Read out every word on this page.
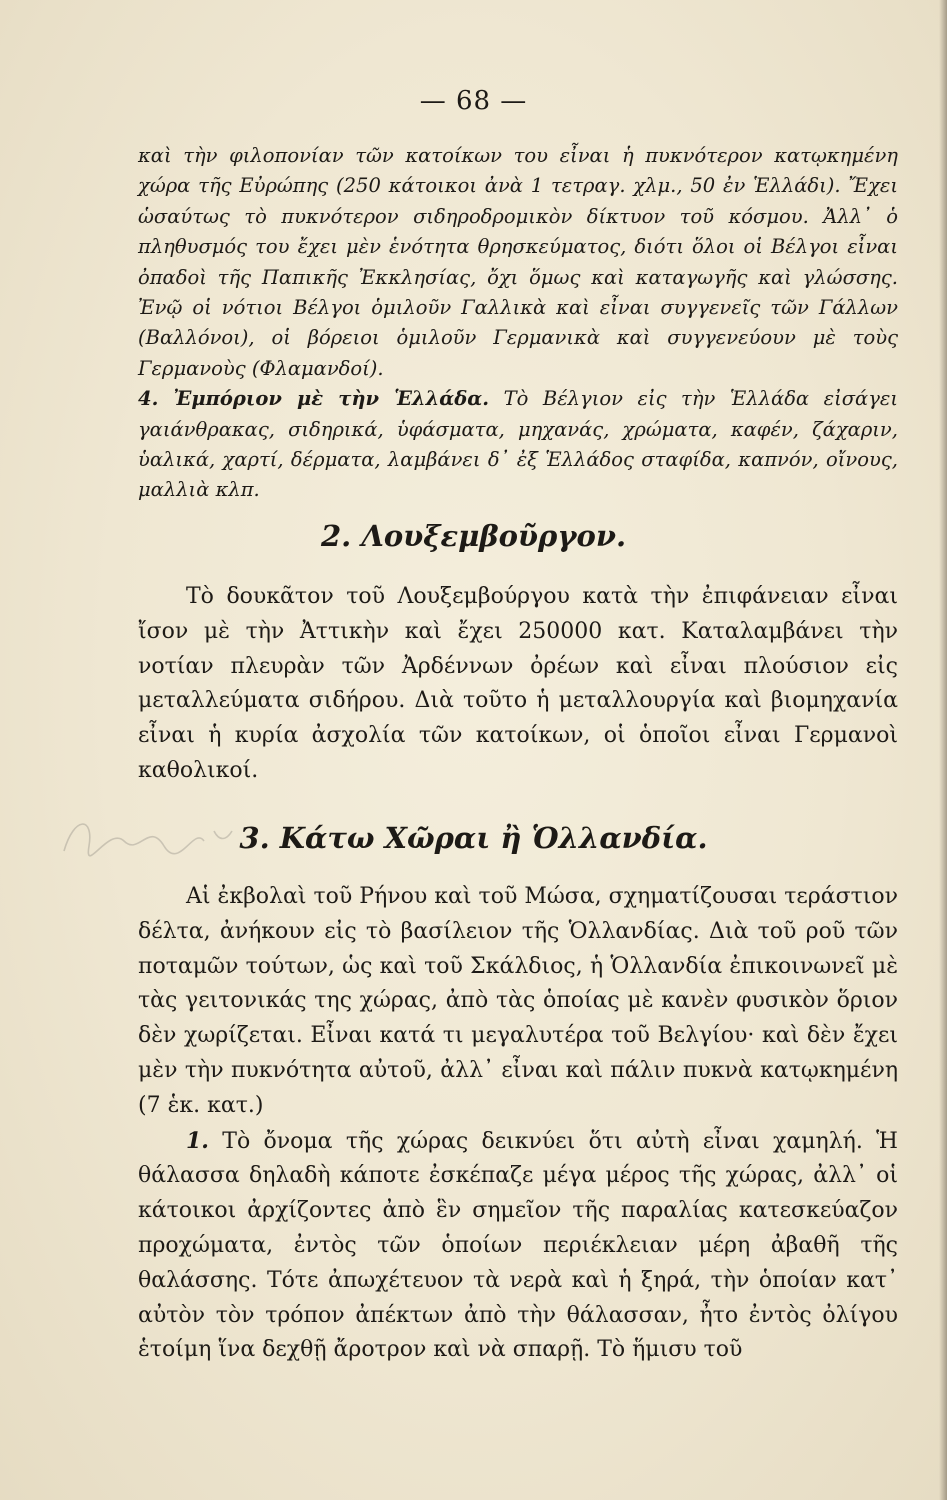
— 68 —

καὶ τὴν φιλοπονίαν τῶν κατοίκων του εἶναι ἡ πυκνότερον κατῳκημένη χώρα τῆς Εὐρώπης (250 κάτοικοι ἀνὰ 1 τετραγ. χλμ., 50 ἐν Ἑλλάδι). Ἔχει ὡσαύτως τὸ πυκνότερον σιδηροδρομικὸν δίκτυον τοῦ κόσμου. Ἀλλ᾿ ὁ πληθυσμός του ἔχει μὲν ἑνότητα θρησκεύματος, διότι ὅλοι οἱ Βέλγοι εἶναι ὀπαδοὶ τῆς Παπικῆς Ἐκκλησίας, ὄχι ὅμως καὶ καταγωγῆς καὶ γλώσσης. Ἐνῷ οἱ νότιοι Βέλγοι ὁμιλοῦν Γαλλικὰ καὶ εἶναι συγγενεῖς τῶν Γάλλων (Βαλλόνοι), οἱ βόρειοι ὁμιλοῦν Γερμανικὰ καὶ συγγενεύουν μὲ τοὺς Γερμανοὺς (Φλαμανδοί).

4. Ἐμπόριον μὲ τὴν Ἑλλάδα. Τὸ Βέλγιον εἰς τὴν Ἑλλάδα εἰσάγει γαιάνθρακας, σιδηρικά, ὑφάσματα, μηχανάς, χρώματα, καφέν, ζάχαριν, ὑαλικά, χαρτί, δέρματα, λαμβάνει δ᾿ ἐξ Ἑλλάδος σταφίδα, καπνόν, οἴνους, μαλλιὰ κλπ.

2. Λουξεμβοῦργον.

Τὸ δουκᾶτον τοῦ Λουξεμβούργου κατὰ τὴν ἐπιφάνειαν εἶναι ἴσον μὲ τὴν Ἀττικὴν καὶ ἔχει 250000 κατ. Καταλαμβάνει τὴν νοτίαν πλευρὰν τῶν Ἀρδέννων ὀρέων καὶ εἶναι πλούσιον εἰς μεταλλεύματα σιδήρου. Διὰ τοῦτο ἡ μεταλλουργία καὶ βιομηχανία εἶναι ἡ κυρία ἀσχολία τῶν κατοίκων, οἱ ὁποῖοι εἶναι Γερμανοὶ καθολικοί.

3. Κάτω Χῶραι ἢ Ὁλλανδία.

Αἱ ἐκβολαὶ τοῦ Ρήνου καὶ τοῦ Μώσα, σχηματίζουσαι τεράστιον δέλτα, ἀνήκουν εἰς τὸ βασίλειον τῆς Ὁλλανδίας. Διὰ τοῦ ροῦ τῶν ποταμῶν τούτων, ὡς καὶ τοῦ Σκάλδιος, ἡ Ὁλλανδία ἐπικοινωνεῖ μὲ τὰς γειτονικάς της χώρας, ἀπὸ τὰς ὁποίας μὲ κανὲν φυσικὸν ὅριον δὲν χωρίζεται. Εἶναι κατά τι μεγαλυτέρα τοῦ Βελγίου· καὶ δὲν ἔχει μὲν τὴν πυκνότητα αὐτοῦ, ἀλλ᾿ εἶναι καὶ πάλιν πυκνὰ κατῳκημένη (7 ἑκ. κατ.)

1. Τὸ ὄνομα τῆς χώρας δεικνύει ὅτι αὐτὴ εἶναι χαμηλή. Ἡ θάλασσα δηλαδὴ κάποτε ἐσκέπαζε μέγα μέρος τῆς χώρας, ἀλλ᾿ οἱ κάτοικοι ἀρχίζοντες ἀπὸ ἓν σημεῖον τῆς παραλίας κατεσκεύαζον προχώματα, ἐντὸς τῶν ὁποίων περιέκλειαν μέρη ἀβαθῆ τῆς θαλάσσης. Τότε ἀπωχέτευον τὰ νερὰ καὶ ἡ ξηρά, τὴν ὁποίαν κατ᾿ αὐτὸν τὸν τρόπον ἀπέκτων ἀπὸ τὴν θάλασσαν, ἦτο ἐντὸς ὀλίγου ἑτοίμη ἵνα δεχθῇ ἄροτρον καὶ νὰ σπαρῇ. Τὸ ἥμισυ τοῦ
